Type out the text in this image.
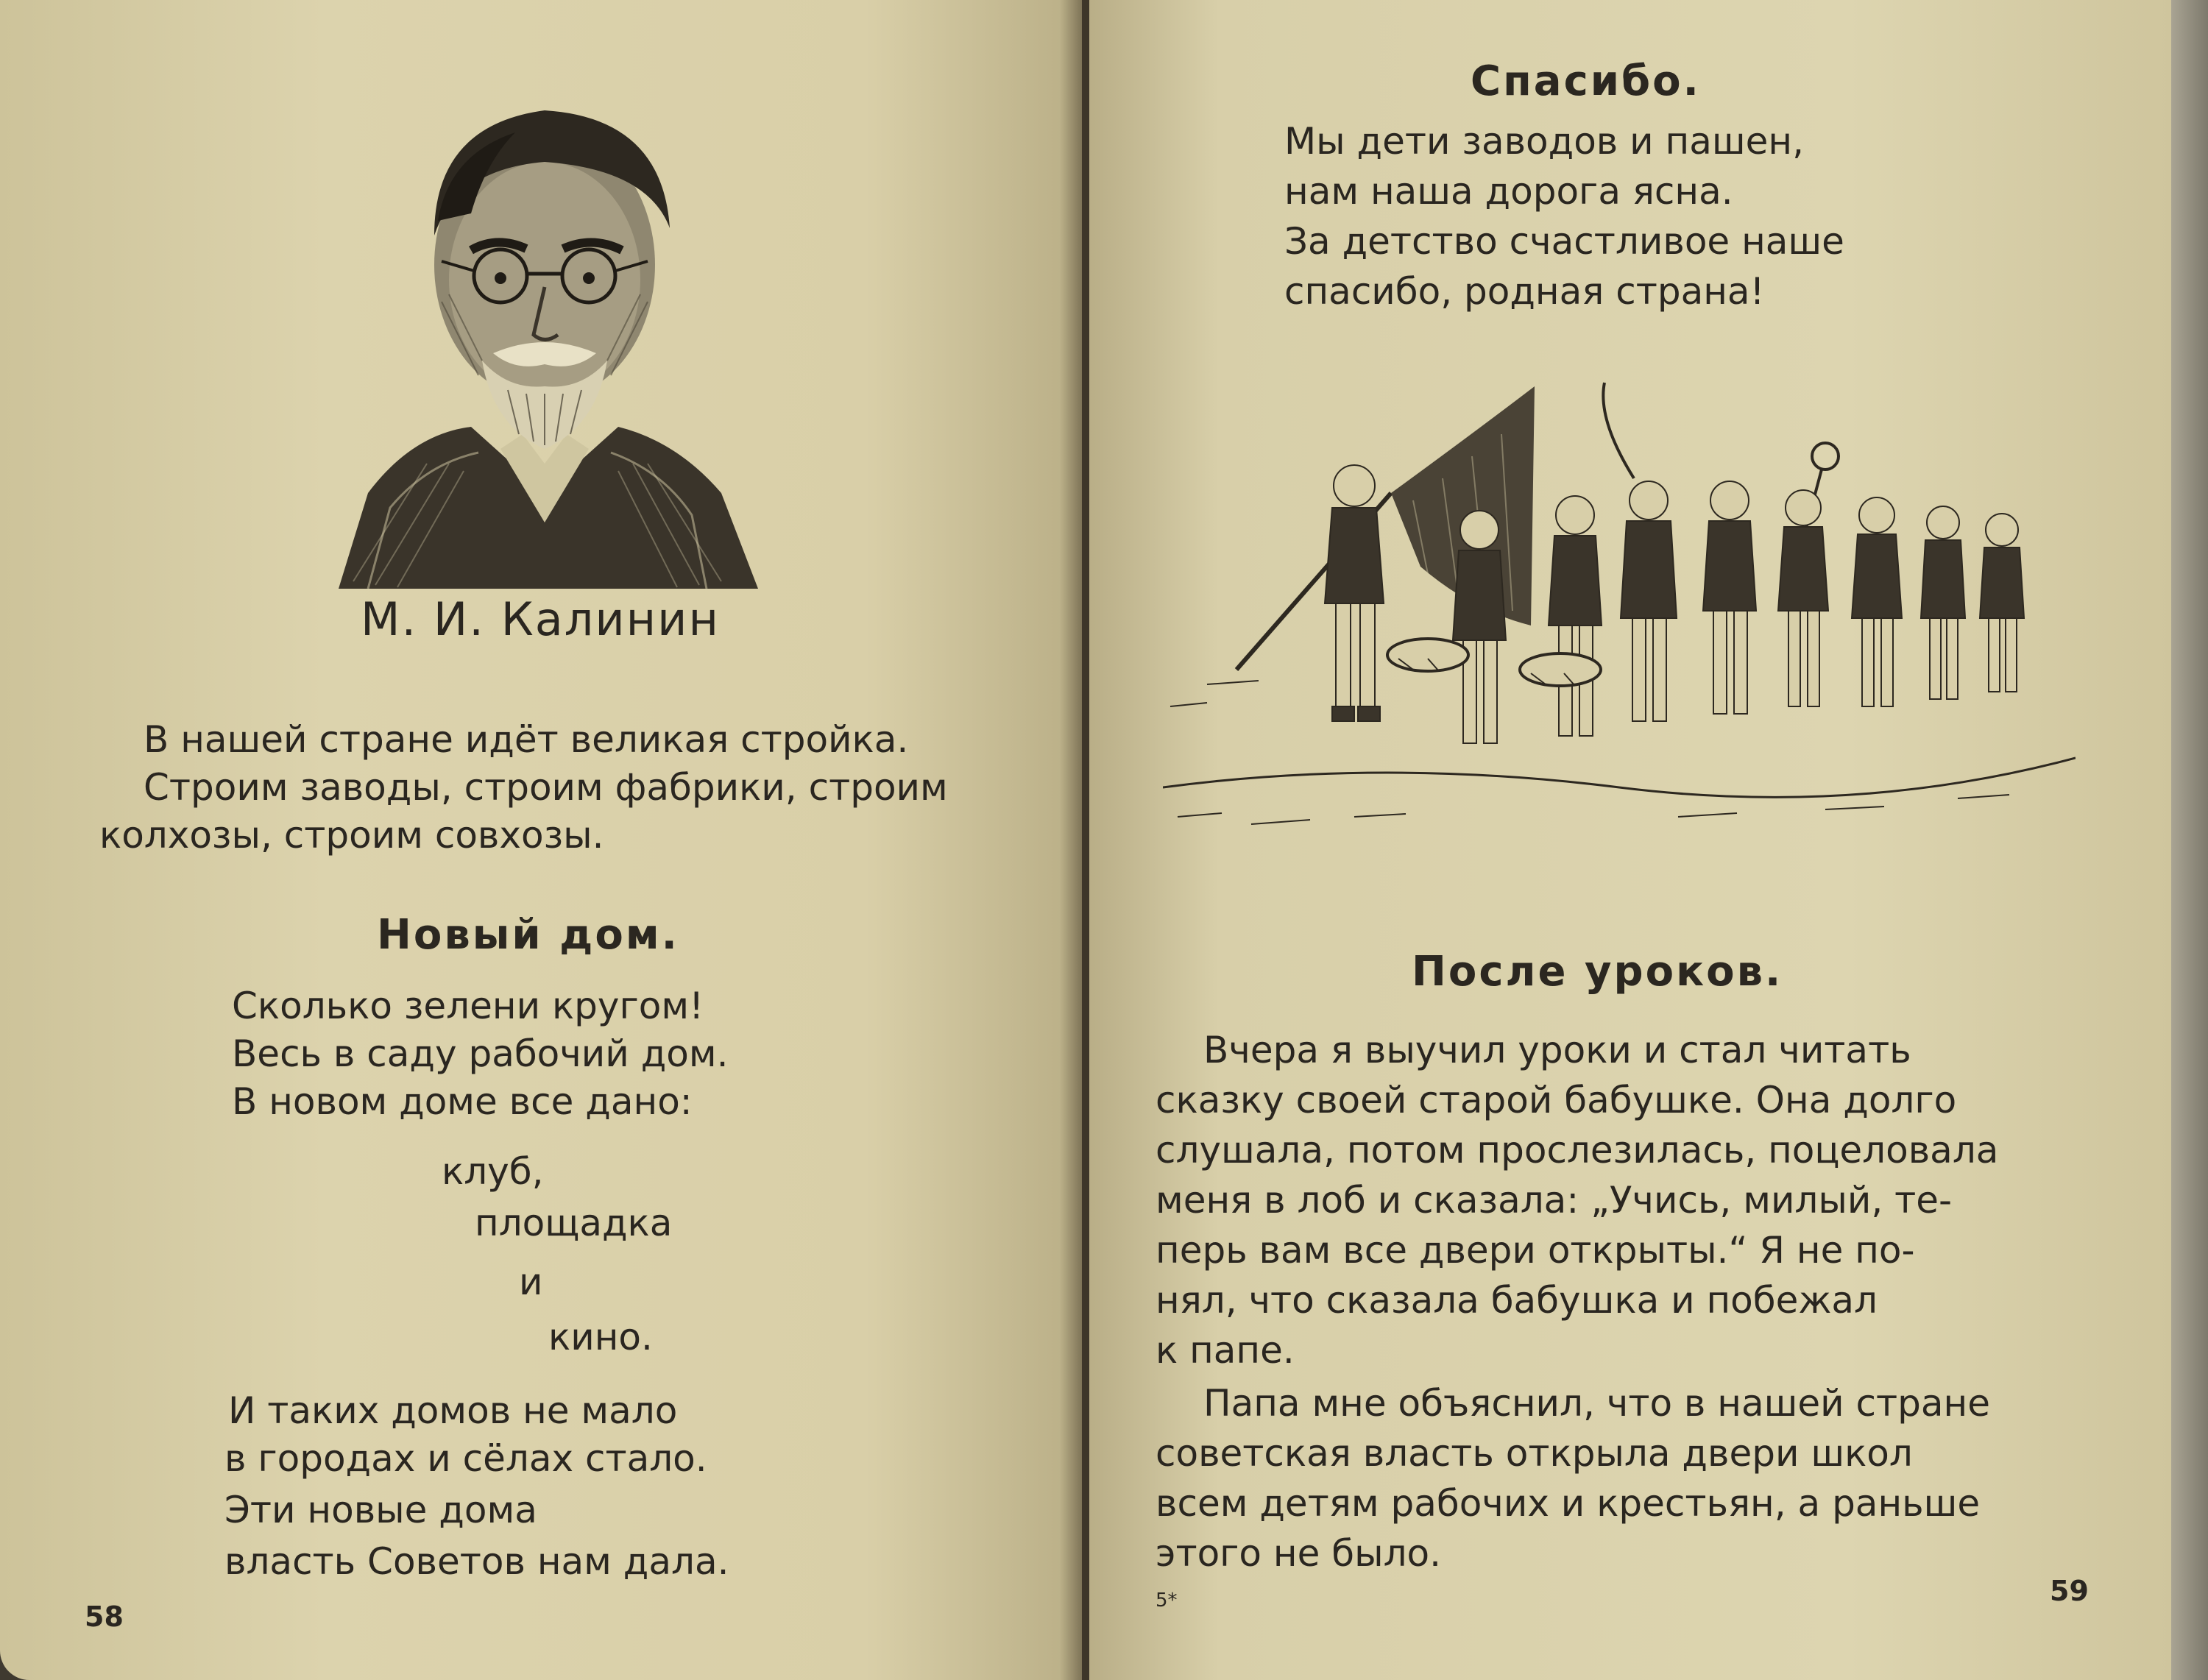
М. И. Калинин

В нашей стране идёт великая стройка.

Строим заводы, строим фабрики, строим

колхозы, строим совхозы.

Новый дом.

Сколько зелени кругом!

Весь в саду рабочий дом.

В новом доме все дано:

клуб,

площадка

и

кино.

И таких домов не мало

в городах и сёлах стало.

Эти новые дома

власть Советов нам дала.

58

Спасибо.

Мы дети заводов и пашен,

нам наша дорога ясна.

За детство счастливое наше

спасибо, родная страна!

После уроков.

Вчера я выучил уроки и стал читать

сказку своей старой бабушке. Она долго

слушала, потом прослезилась, поцеловала

меня в лоб и сказала: „Учись, милый, те-

перь вам все двери открыты.“ Я не по-

нял, что сказала бабушка и побежал

к папе.

Папа мне объяснил, что в нашей стране

советская власть открыла двери школ

всем детям рабочих и крестьян, а раньше

этого не было.

5*	59
